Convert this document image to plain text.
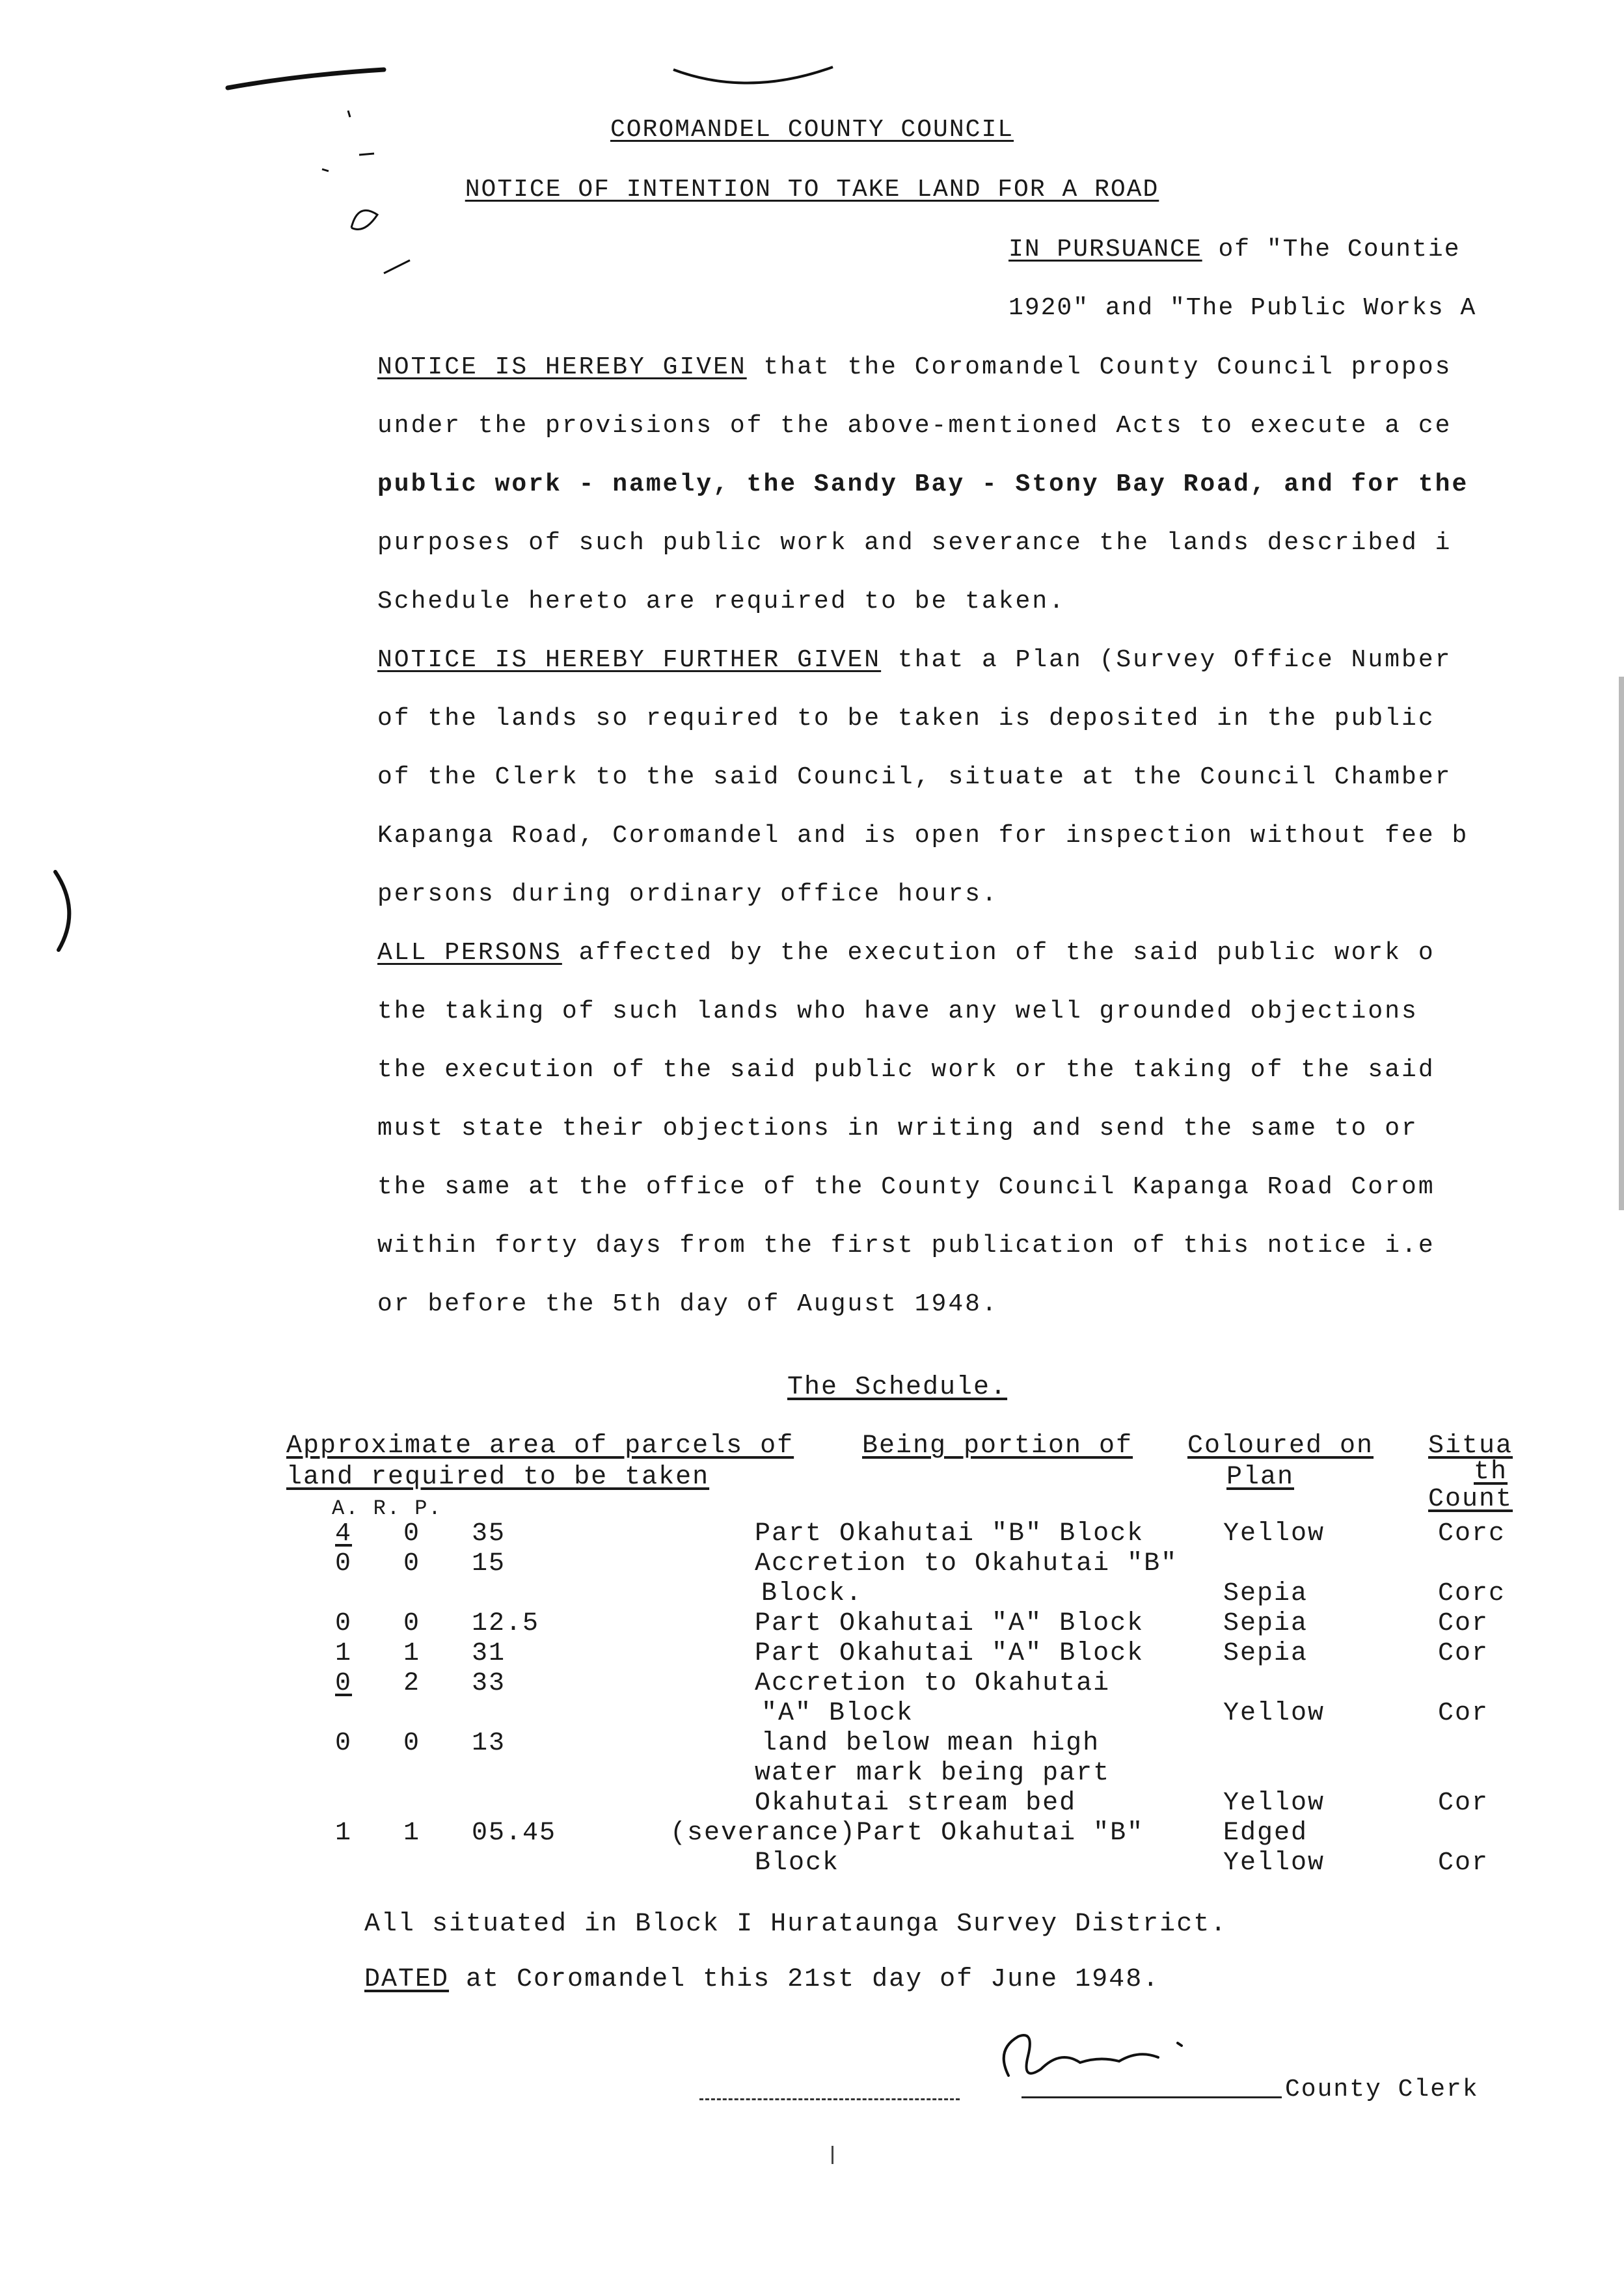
COROMANDEL COUNTY COUNCIL
NOTICE OF INTENTION TO TAKE LAND FOR A ROAD
IN PURSUANCE of "The Countie
1920" and "The Public Works A
NOTICE IS HEREBY GIVEN that the Coromandel County Council propos
under the provisions of the above-mentioned Acts to execute a ce
public work - namely, the Sandy Bay - Stony Bay Road, and for the
purposes of such public work and severance the lands described i
Schedule hereto are required to be taken.
NOTICE IS HEREBY FURTHER GIVEN that a Plan (Survey Office Number
of the lands so required to be taken is deposited in the public
of the Clerk to the said Council, situate at the Council Chamber
Kapanga Road, Coromandel and is open for inspection without fee b
persons during ordinary office hours.
ALL PERSONS affected by the execution of the said public work o
the taking of such lands who have any well grounded objections
the execution of the said public work or the taking of the said
must state their objections in writing and send the same to or
the same at the office of the County Council Kapanga Road Corom
within forty days from the first publication of this notice i.e
or before the 5th day of August 1948.
The Schedule.
Approximate area of parcels of
land required to be taken
Being portion of Coloured on
Plan
Situa
th
Count
A. R. P.
4 0 35	Part Okahutai "B" Block	Yellow	Corc
0 0 15	Accretion to Okahutai "B"
Block.	Sepia	Corc
0 0 12.5	Part Okahutai "A" Block	Sepia	Cor
1 1 31	Part Okahutai "A" Block	Sepia	Cor
0 2 33	Accretion to Okahutai
"A" Block	Yellow	Cor
0 0 13	land below mean high
water mark being part
Okahutai stream bed	Yellow	Cor
1 1 05.45	(severance)Part Okahutai "B"	Edged
Block	Yellow	Cor
All situated in Block I Hurataunga Survey District.
DATED at Coromandel this 21st day of June 1948.
County Clerk
